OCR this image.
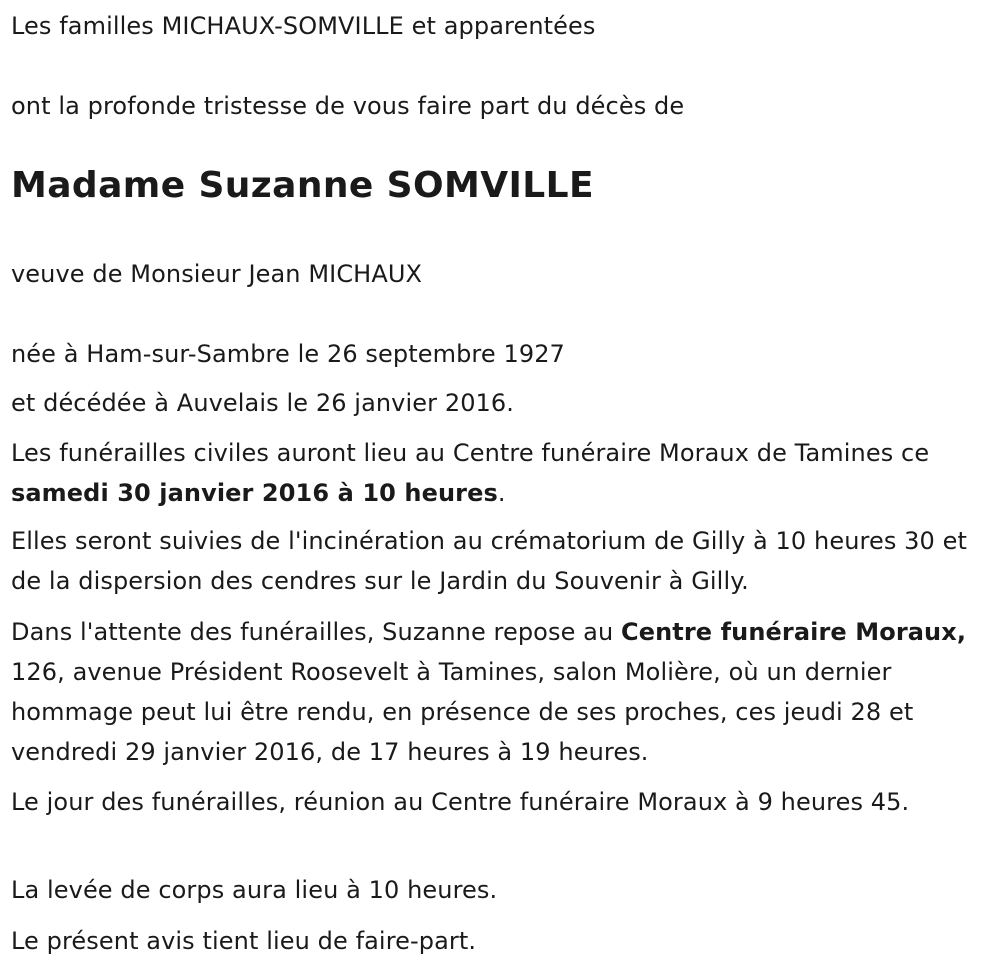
Les familles MICHAUX-SOMVILLE et apparentées

ont la profonde tristesse de vous faire part du décès de

Madame Suzanne SOMVILLE

veuve de Monsieur Jean MICHAUX

née à Ham-sur-Sambre le 26 septembre 1927

et décédée à Auvelais le 26 janvier 2016.

Les funérailles civiles auront lieu au Centre funéraire Moraux de Tamines ce samedi 30 janvier 2016 à 10 heures.

Elles seront suivies de l'incinération au crématorium de Gilly à 10 heures 30 et de la dispersion des cendres sur le Jardin du Souvenir à Gilly.

Dans l'attente des funérailles, Suzanne repose au Centre funéraire Moraux, 126, avenue Président Roosevelt à Tamines, salon Molière, où un dernier hommage peut lui être rendu, en présence de ses proches, ces jeudi 28 et vendredi 29 janvier 2016, de 17 heures à 19 heures.

Le jour des funérailles, réunion au Centre funéraire Moraux à 9 heures 45.

La levée de corps aura lieu à 10 heures.

Le présent avis tient lieu de faire-part.
